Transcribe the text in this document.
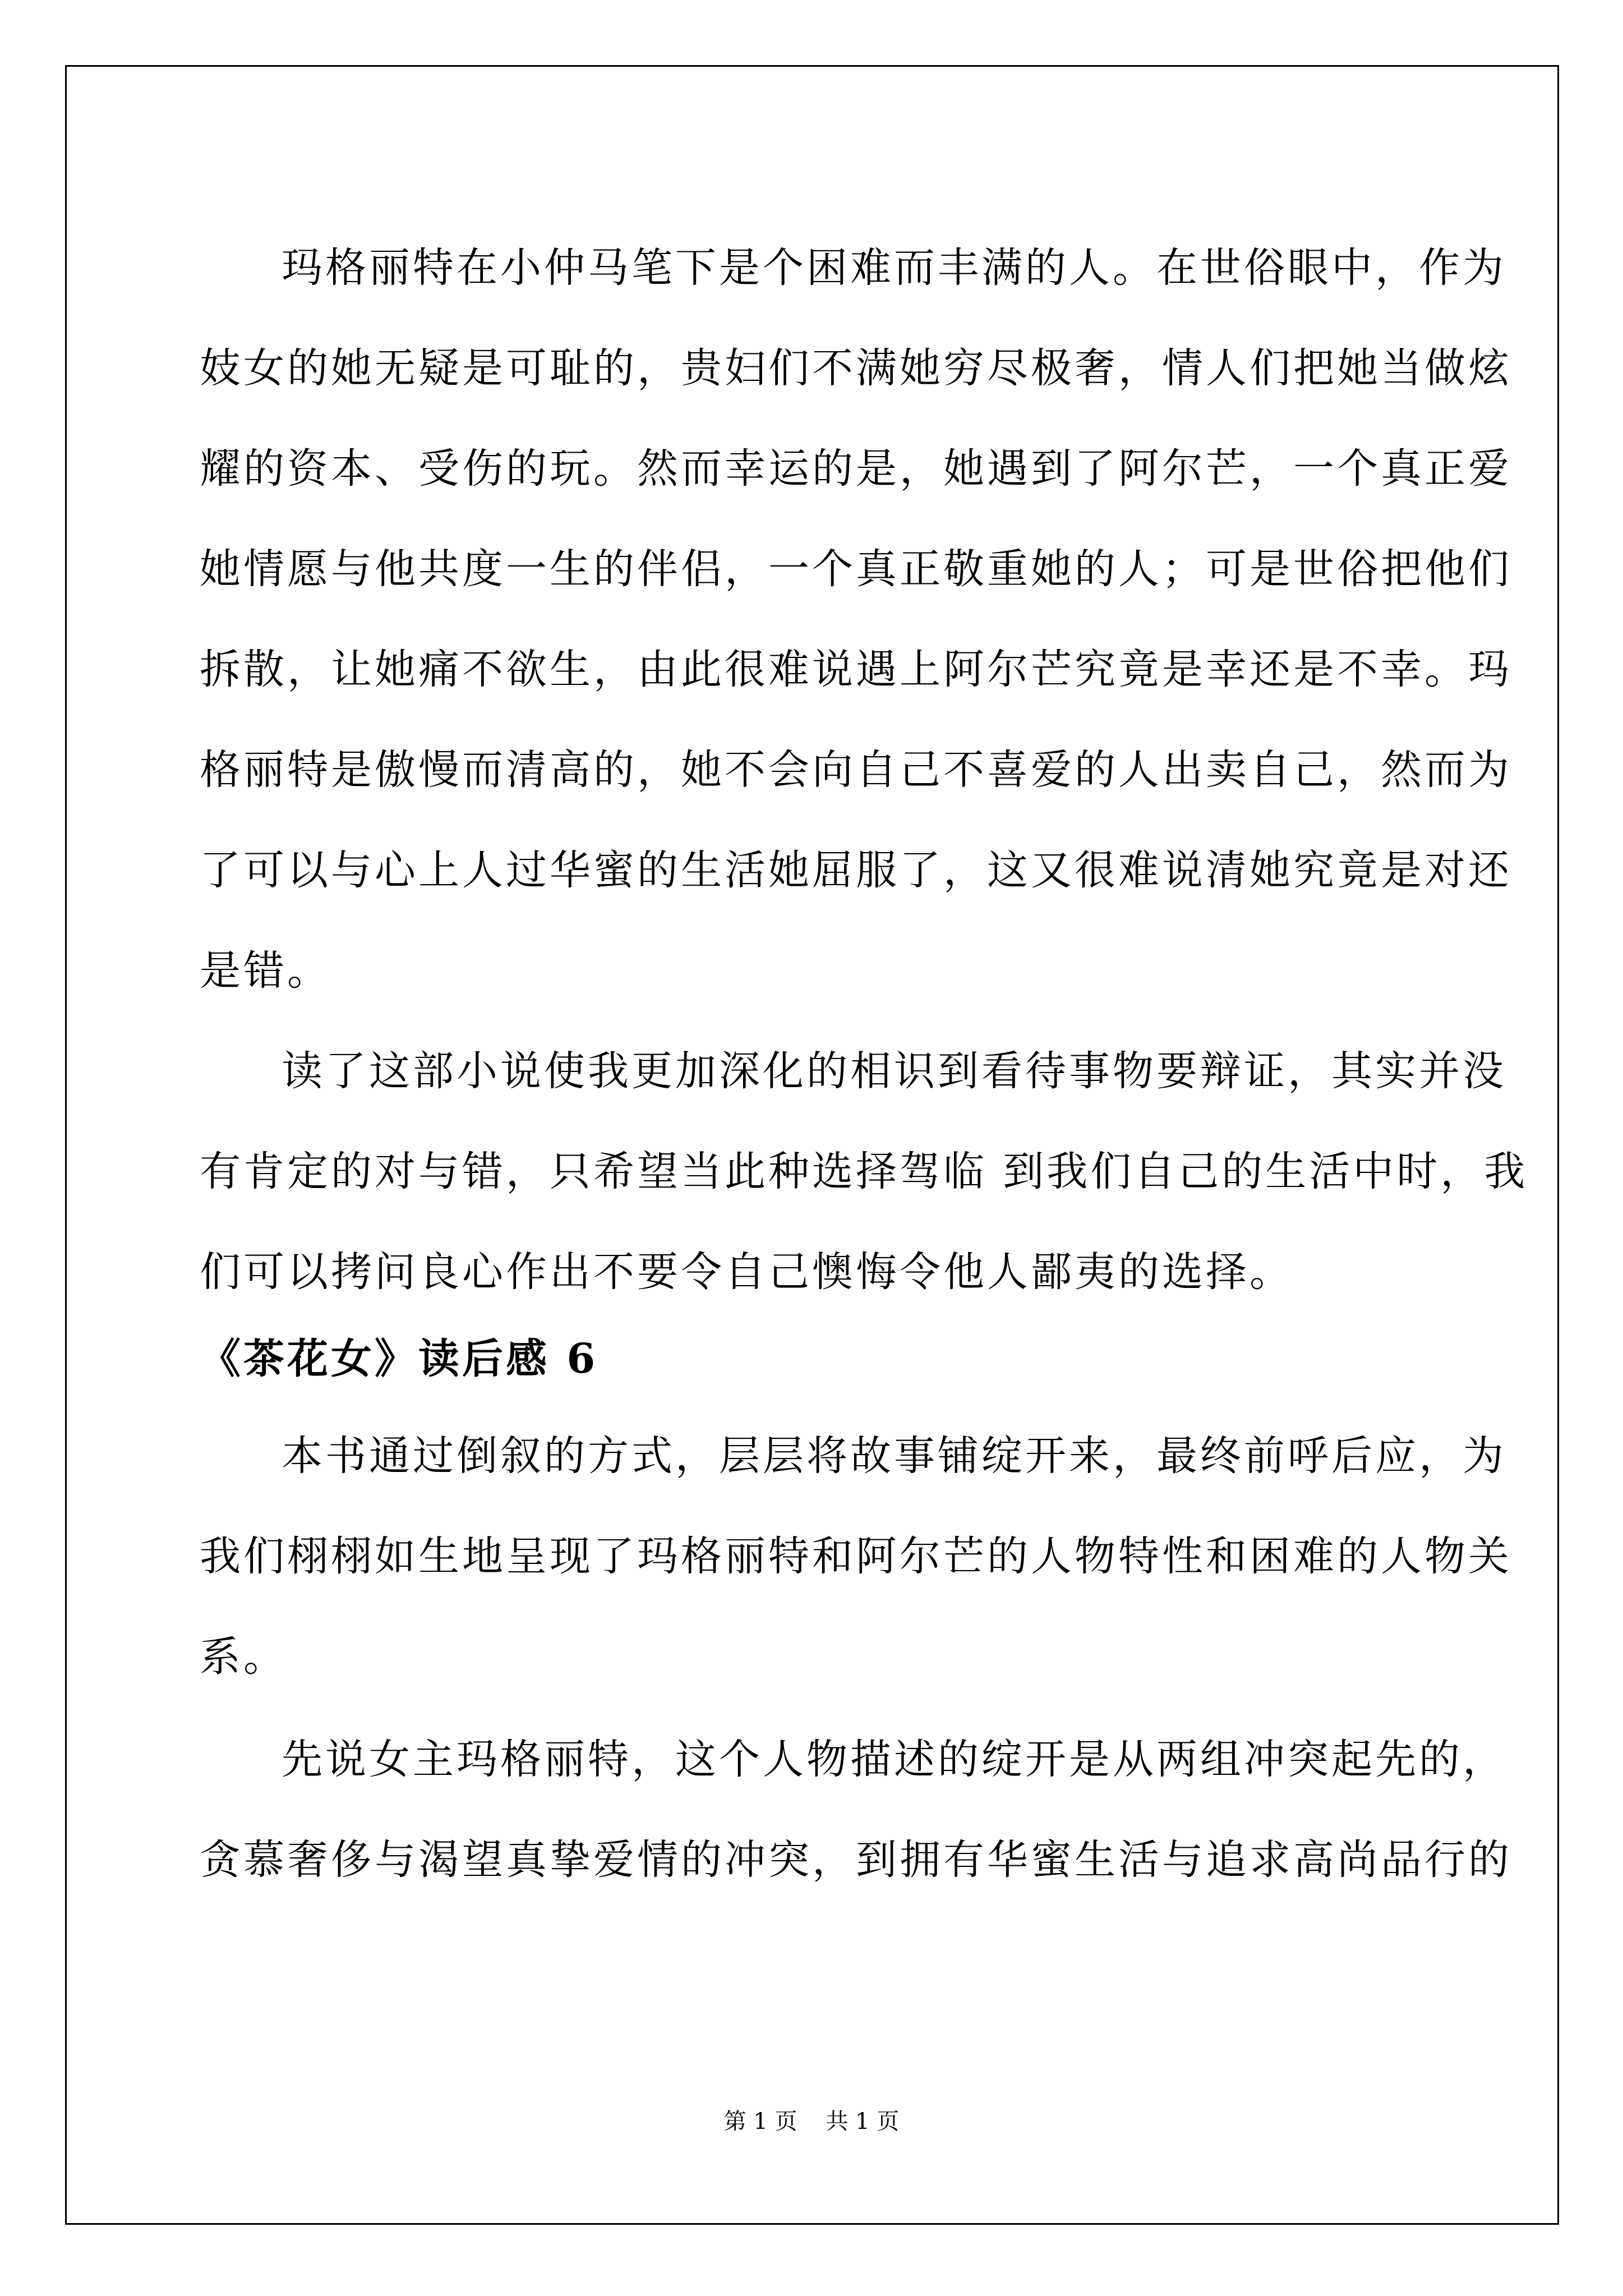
玛格丽特在小仲马笔下是个困难而丰满的人。在世俗眼中，作为
妓女的她无疑是可耻的，贵妇们不满她穷尽极奢，情人们把她当做炫
耀的资本、受伤的玩。然而幸运的是，她遇到了阿尔芒，一个真正爱
她情愿与他共度一生的伴侣，一个真正敬重她的人；可是世俗把他们
拆散，让她痛不欲生，由此很难说遇上阿尔芒究竟是幸还是不幸。玛
格丽特是傲慢而清高的，她不会向自己不喜爱的人出卖自己，然而为
了可以与心上人过华蜜的生活她屈服了，这又很难说清她究竟是对还
是错。

读了这部小说使我更加深化的相识到看待事物要辩证，其实并没
有肯定的对与错，只希望当此种选择驾临 到我们自己的生活中时，我
们可以拷问良心作出不要令自己懊悔令他人鄙夷的选择。

《茶花女》读后感 6

本书通过倒叙的方式，层层将故事铺绽开来，最终前呼后应，为
我们栩栩如生地呈现了玛格丽特和阿尔芒的人物特性和困难的人物关
系。

先说女主玛格丽特，这个人物描述的绽开是从两组冲突起先的，
贪慕奢侈与渴望真挚爱情的冲突，到拥有华蜜生活与追求高尚品行的

第 1 页    共 1 页
